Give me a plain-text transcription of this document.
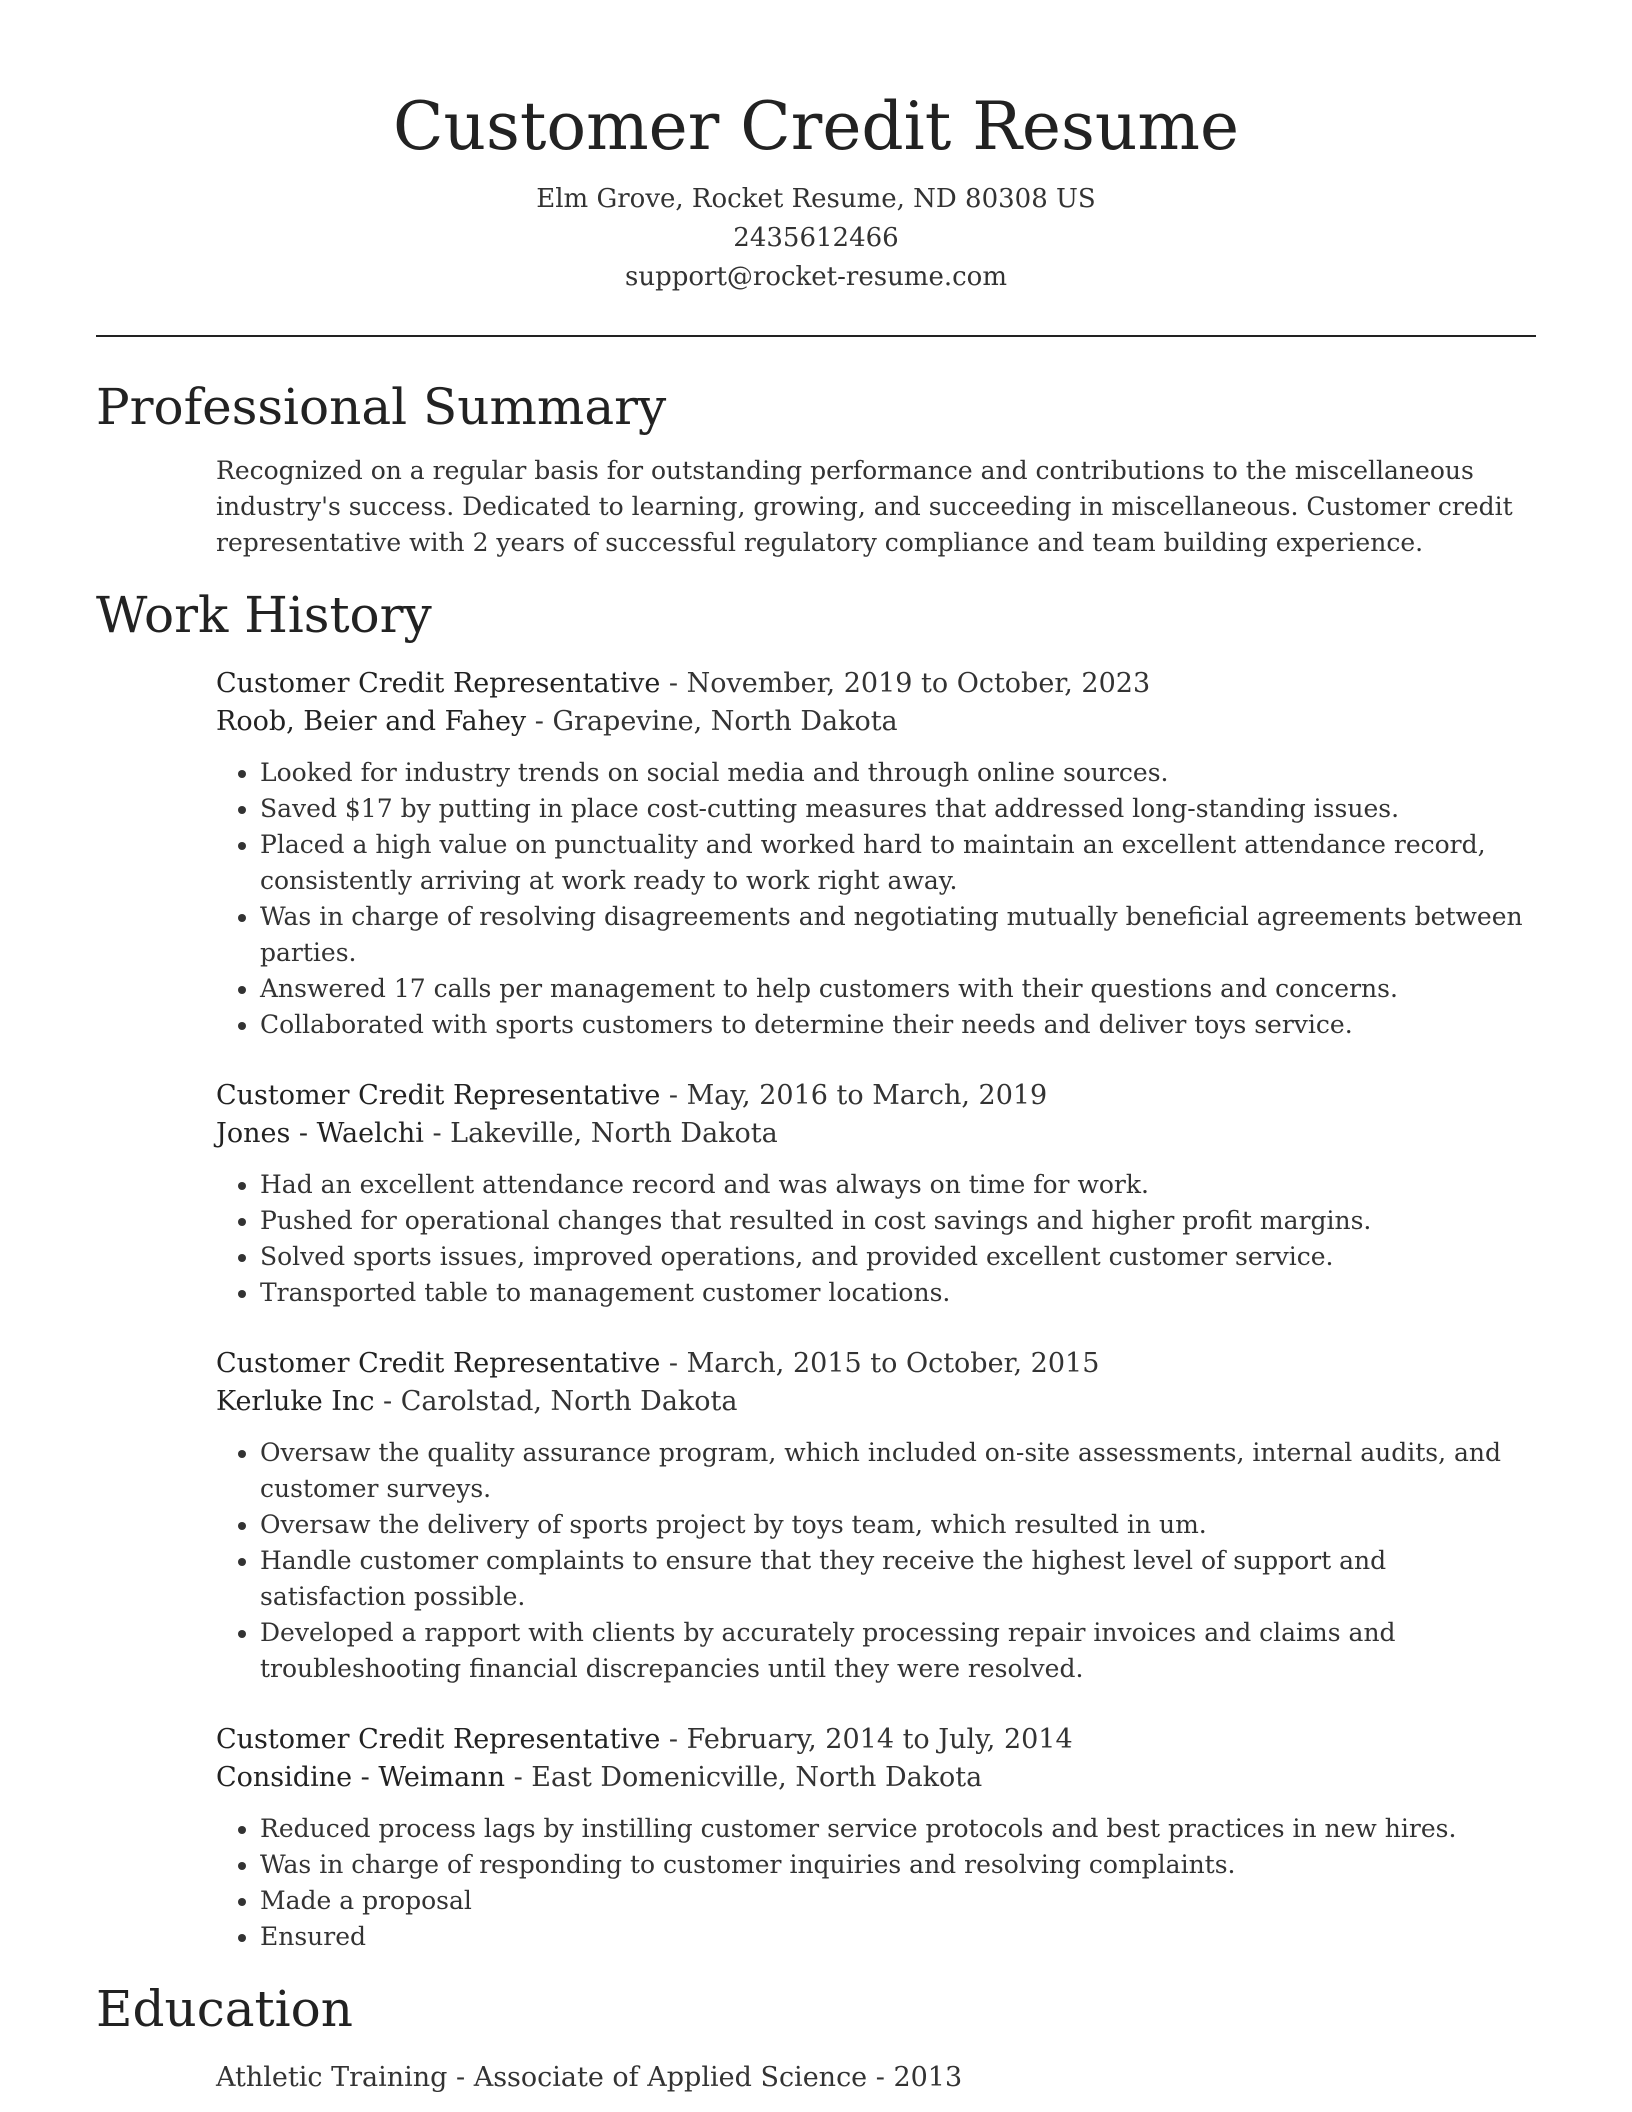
Customer Credit Resume
Elm Grove, Rocket Resume, ND 80308 US
2435612466
support@rocket-resume.com
Professional Summary
Recognized on a regular basis for outstanding performance and contributions to the miscellaneous industry's success. Dedicated to learning, growing, and succeeding in miscellaneous. Customer credit representative with 2 years of successful regulatory compliance and team building experience.
Work History
Customer Credit Representative - November, 2019 to October, 2023
Roob, Beier and Fahey - Grapevine, North Dakota
• Looked for industry trends on social media and through online sources.
• Saved $17 by putting in place cost-cutting measures that addressed long-standing issues.
• Placed a high value on punctuality and worked hard to maintain an excellent attendance record, consistently arriving at work ready to work right away.
• Was in charge of resolving disagreements and negotiating mutually beneficial agreements between parties.
• Answered 17 calls per management to help customers with their questions and concerns.
• Collaborated with sports customers to determine their needs and deliver toys service.
Customer Credit Representative - May, 2016 to March, 2019
Jones - Waelchi - Lakeville, North Dakota
• Had an excellent attendance record and was always on time for work.
• Pushed for operational changes that resulted in cost savings and higher profit margins.
• Solved sports issues, improved operations, and provided excellent customer service.
• Transported table to management customer locations.
Customer Credit Representative - March, 2015 to October, 2015
Kerluke Inc - Carolstad, North Dakota
• Oversaw the quality assurance program, which included on-site assessments, internal audits, and customer surveys.
• Oversaw the delivery of sports project by toys team, which resulted in um.
• Handle customer complaints to ensure that they receive the highest level of support and satisfaction possible.
• Developed a rapport with clients by accurately processing repair invoices and claims and troubleshooting financial discrepancies until they were resolved.
Customer Credit Representative - February, 2014 to July, 2014
Considine - Weimann - East Domenicville, North Dakota
• Reduced process lags by instilling customer service protocols and best practices in new hires.
• Was in charge of responding to customer inquiries and resolving complaints.
• Made a proposal
• Ensured
Education
Athletic Training - Associate of Applied Science - 2013
